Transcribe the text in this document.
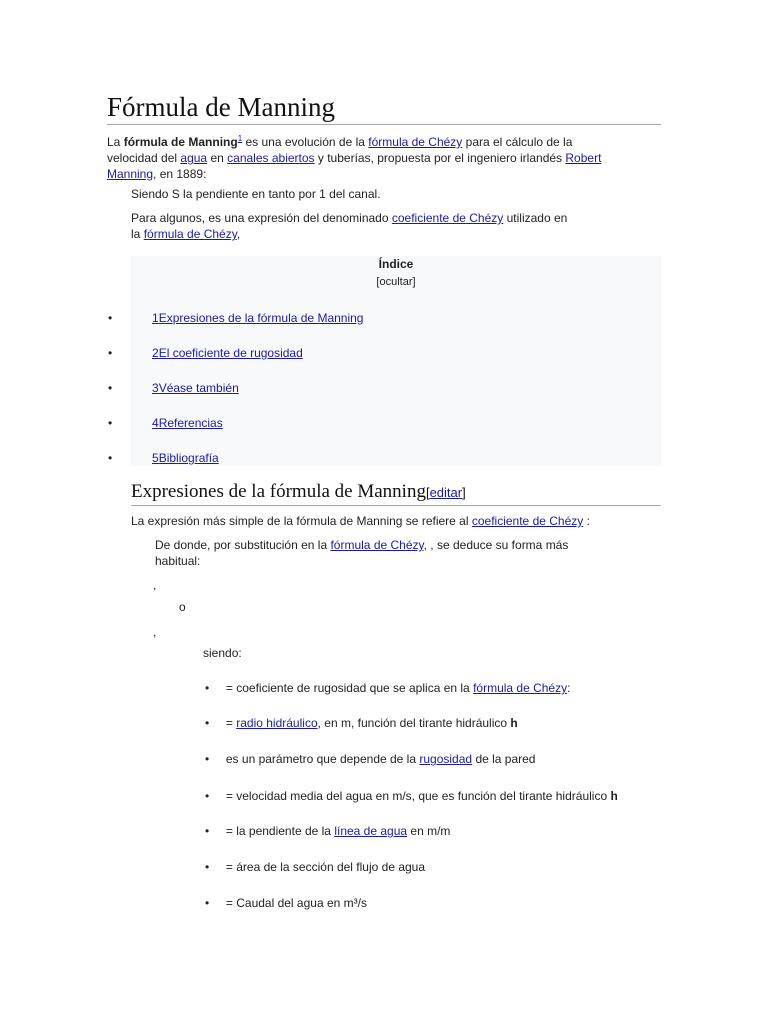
Fórmula de Manning
La fórmula de Manning$^1$ es una evolución de la fórmula de Chézy para el cálculo de la
velocidad del agua en canales abiertos y tuberías, propuesta por el ingeniero irlandés Robert
Manning, en 1889:
Siendo S la pendiente en tanto por 1 del canal.
Para algunos, es una expresión del denominado coeficiente de Chézy utilizado en
la fórmula de Chézy,
Índice
[ocultar]
•	1Expresiones de la fórmula de Manning
•	2El coeficiente de rugosidad
•	3Véase también
•	4Referencias
•	5Bibliografía
Expresiones de la fórmula de Manning[editar]
La expresión más simple de la fórmula de Manning se refiere al coeficiente de Chézy :
De donde, por substitución en la fórmula de Chézy, , se deduce su forma más
habitual:
,
o
,
siendo:
•     = coeficiente de rugosidad que se aplica en la fórmula de Chézy:
•     = radio hidráulico, en m, función del tirante hidráulico h
•     es un parámetro que depende de la rugosidad de la pared
•     = velocidad media del agua en m/s, que es función del tirante hidráulico h
•     = la pendiente de la línea de agua en m/m
•     = área de la sección del flujo de agua
•     = Caudal del agua en m³/s
